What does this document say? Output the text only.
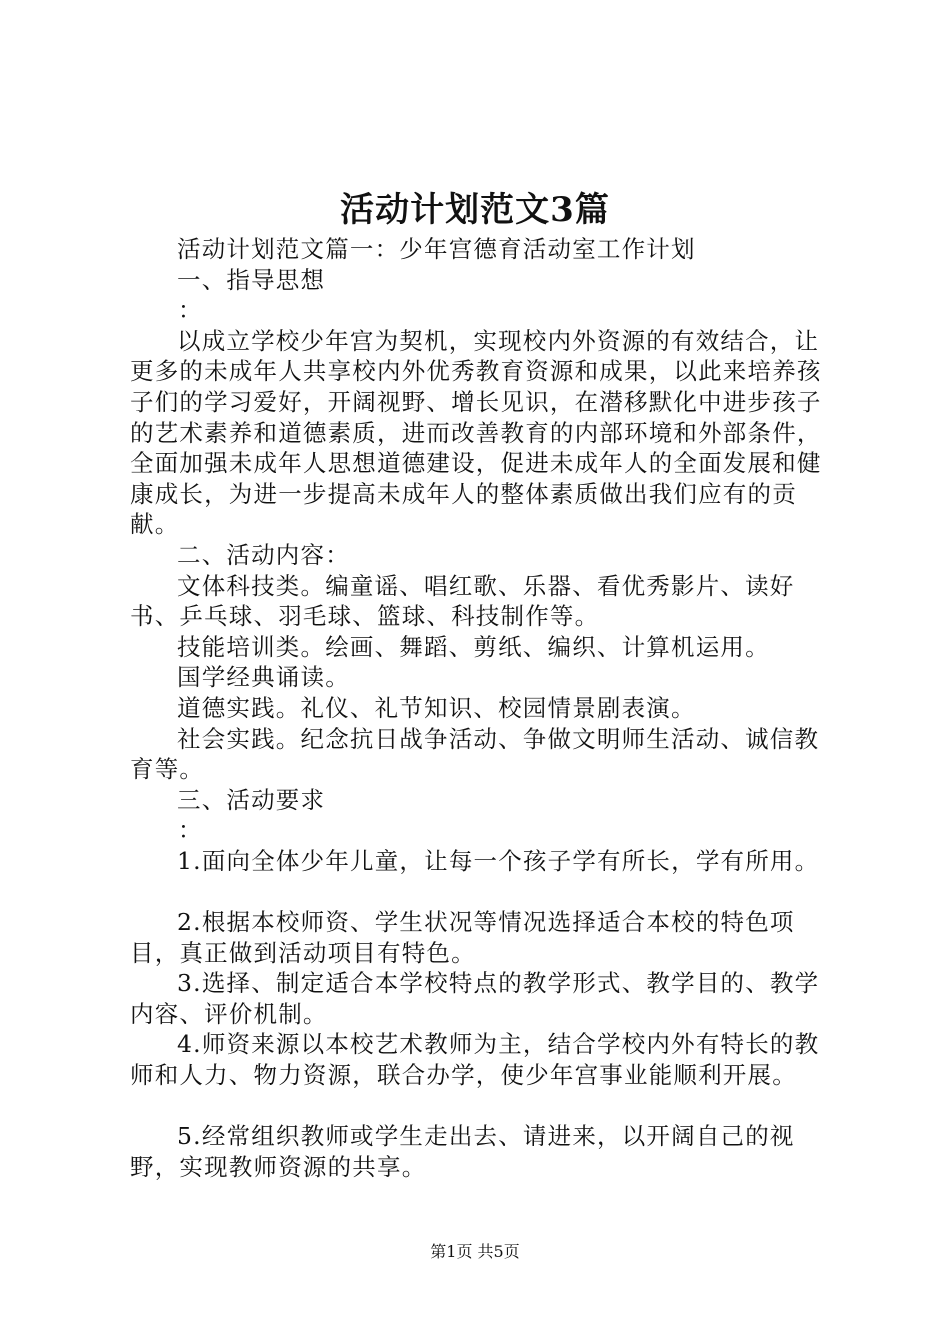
活动计划范文3篇

活动计划范文篇一：少年宫德育活动室工作计划

一、指导思想

：

以成立学校少年宫为契机，实现校内外资源的有效结合，让更多的未成年人共享校内外优秀教育资源和成果，以此来培养孩子们的学习爱好，开阔视野、增长见识，在潜移默化中进步孩子的艺术素养和道德素质，进而改善教育的内部环境和外部条件，全面加强未成年人思想道德建设，促进未成年人的全面发展和健康成长，为进一步提高未成年人的整体素质做出我们应有的贡献。

二、活动内容：

文体科技类。编童谣、唱红歌、乐器、看优秀影片、读好书、乒乓球、羽毛球、篮球、科技制作等。

技能培训类。绘画、舞蹈、剪纸、编织、计算机运用。

国学经典诵读。

道德实践。礼仪、礼节知识、校园情景剧表演。

社会实践。纪念抗日战争活动、争做文明师生活动、诚信教育等。

三、活动要求

：

1.面向全体少年儿童，让每一个孩子学有所长，学有所用。

2.根据本校师资、学生状况等情况选择适合本校的特色项目，真正做到活动项目有特色。

3.选择、制定适合本学校特点的教学形式、教学目的、教学内容、评价机制。

4.师资来源以本校艺术教师为主，结合学校内外有特长的教师和人力、物力资源，联合办学，使少年宫事业能顺利开展。

5.经常组织教师或学生走出去、请进来，以开阔自己的视野，实现教师资源的共享。

第1页 共5页
